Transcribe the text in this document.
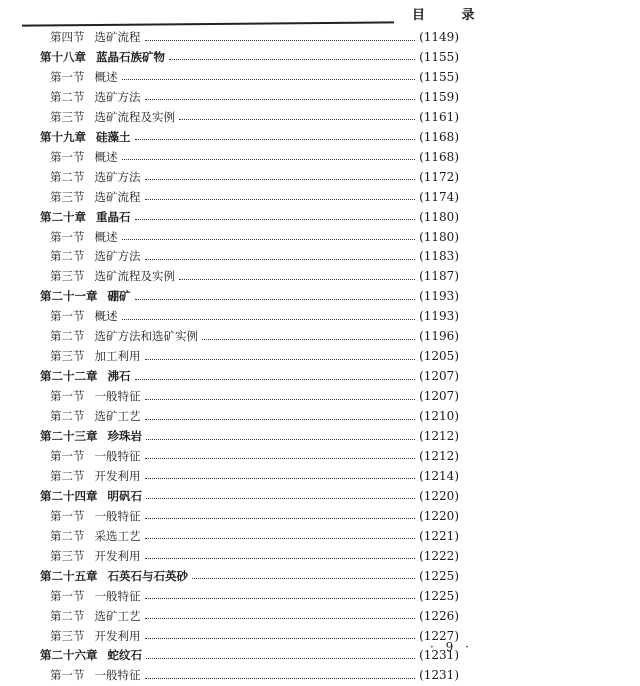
目 录
第四节 选矿流程	(1149)
第十八章 蓝晶石族矿物	(1155)
第一节 概述	(1155)
第二节 选矿方法	(1159)
第三节 选矿流程及实例	(1161)
第十九章 硅藻土	(1168)
第一节 概述	(1168)
第二节 选矿方法	(1172)
第三节 选矿流程	(1174)
第二十章 重晶石	(1180)
第一节 概述	(1180)
第二节 选矿方法	(1183)
第三节 选矿流程及实例	(1187)
第二十一章 硼矿	(1193)
第一节 概述	(1193)
第二节 选矿方法和选矿实例	(1196)
第三节 加工利用	(1205)
第二十二章 沸石	(1207)
第一节 一般特征	(1207)
第二节 选矿工艺	(1210)
第二十三章 珍珠岩	(1212)
第一节 一般特征	(1212)
第二节 开发利用	(1214)
第二十四章 明矾石	(1220)
第一节 一般特征	(1220)
第二节 采选工艺	(1221)
第三节 开发利用	(1222)
第二十五章 石英石与石英砂	(1225)
第一节 一般特征	(1225)
第二节 选矿工艺	(1226)
第三节 开发利用	(1227)
第二十六章 蛇纹石	(1231)
第一节 一般特征	(1231)
· 9 ·
